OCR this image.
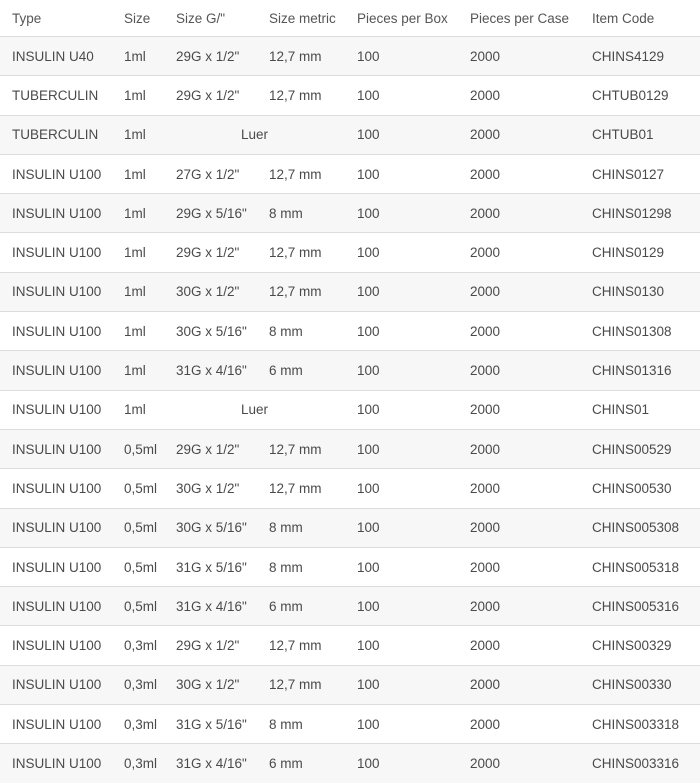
Type	Size	Size G/"	Size metric	Pieces per Box	Pieces per Case	Item Code
INSULIN U40	1ml	29G x 1/2"	12,7 mm	100	2000	CHINS4129
TUBERCULIN	1ml	29G x 1/2"	12,7 mm	100	2000	CHTUB0129
TUBERCULIN	1ml	Luer		100	2000	CHTUB01
INSULIN U100	1ml	27G x 1/2"	12,7 mm	100	2000	CHINS0127
INSULIN U100	1ml	29G x 5/16"	8 mm	100	2000	CHINS01298
INSULIN U100	1ml	29G x 1/2"	12,7 mm	100	2000	CHINS0129
INSULIN U100	1ml	30G x 1/2"	12,7 mm	100	2000	CHINS0130
INSULIN U100	1ml	30G x 5/16"	8 mm	100	2000	CHINS01308
INSULIN U100	1ml	31G x 4/16"	6 mm	100	2000	CHINS01316
INSULIN U100	1ml	Luer		100	2000	CHINS01
INSULIN U100	0,5ml	29G x 1/2"	12,7 mm	100	2000	CHINS00529
INSULIN U100	0,5ml	30G x 1/2"	12,7 mm	100	2000	CHINS00530
INSULIN U100	0,5ml	30G x 5/16"	8 mm	100	2000	CHINS005308
INSULIN U100	0,5ml	31G x 5/16"	8 mm	100	2000	CHINS005318
INSULIN U100	0,5ml	31G x 4/16"	6 mm	100	2000	CHINS005316
INSULIN U100	0,3ml	29G x 1/2"	12,7 mm	100	2000	CHINS00329
INSULIN U100	0,3ml	30G x 1/2"	12,7 mm	100	2000	CHINS00330
INSULIN U100	0,3ml	31G x 5/16"	8 mm	100	2000	CHINS003318
INSULIN U100	0,3ml	31G x 4/16"	6 mm	100	2000	CHINS003316
